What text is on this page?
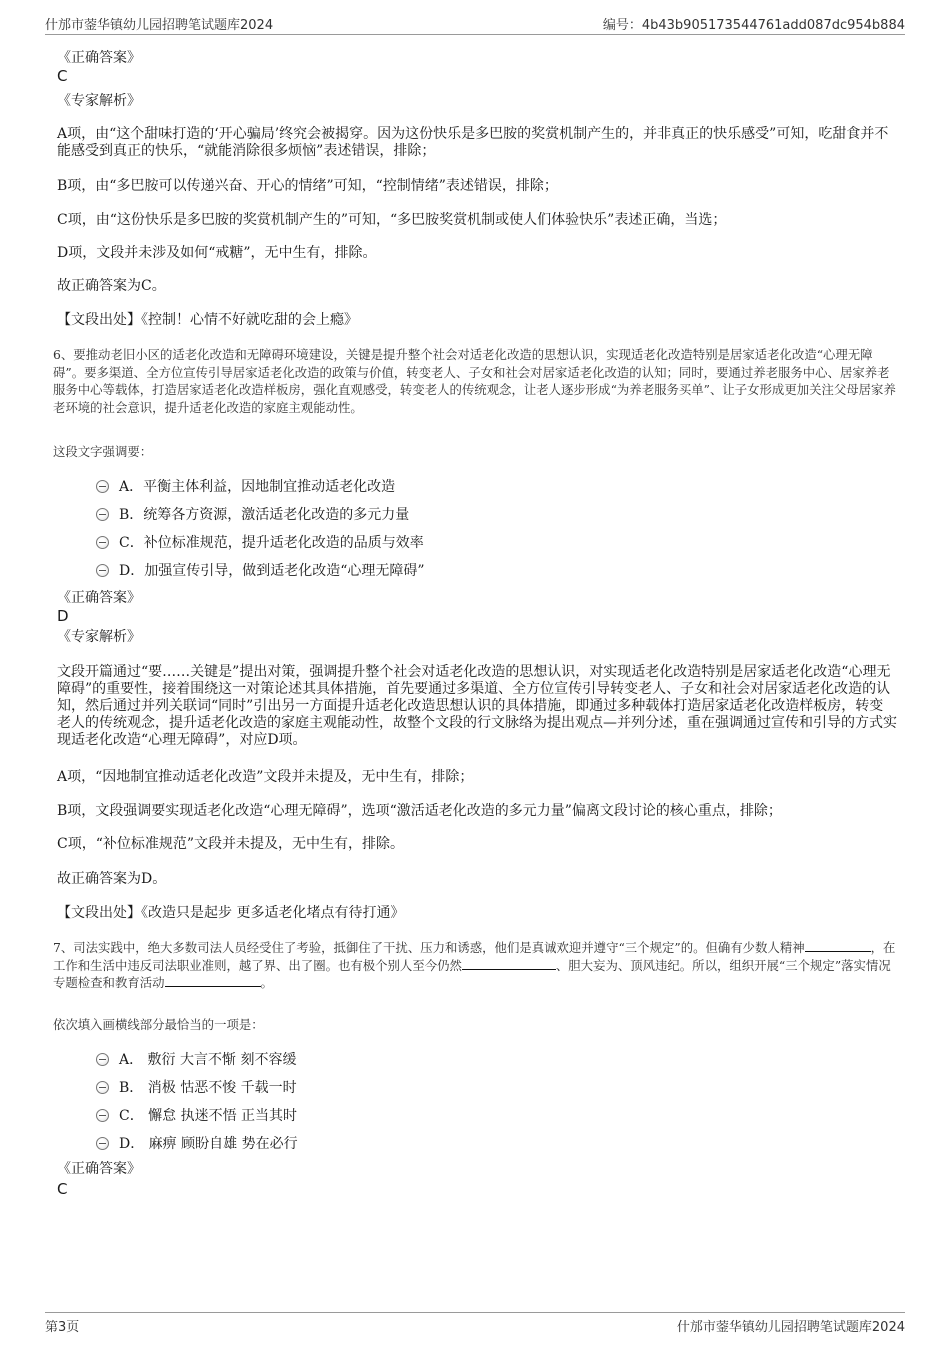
什邡市蓥华镇幼儿园招聘笔试题库2024	编号：4b43b905173544761add087dc954b884
《正确答案》
C
《专家解析》
A项，由“这个甜味打造的‘开心骗局’终究会被揭穿。因为这份快乐是多巴胺的奖赏机制产生的，并非真正的快乐感受”可知，吃甜食并不能感受到真正的快乐，“就能消除很多烦恼”表述错误，排除；
B项，由“多巴胺可以传递兴奋、开心的情绪”可知，“控制情绪”表述错误，排除；
C项，由“这份快乐是多巴胺的奖赏机制产生的”可知，“多巴胺奖赏机制或使人们体验快乐”表述正确，当选；
D项，文段并未涉及如何“戒糖”，无中生有，排除。
故正确答案为C。
【文段出处】《控制！心情不好就吃甜的会上瘾》
6、要推动老旧小区的适老化改造和无障碍环境建设，关键是提升整个社会对适老化改造的思想认识，实现适老化改造特别是居家适老化改造“心理无障碍”。要多渠道、全方位宣传引导居家适老化改造的政策与价值，转变老人、子女和社会对居家适老化改造的认知；同时，要通过养老服务中心、居家养老服务中心等载体，打造居家适老化改造样板房，强化直观感受，转变老人的传统观念，让老人逐步形成“为养老服务买单”、让子女形成更加关注父母居家养老环境的社会意识，提升适老化改造的家庭主观能动性。
这段文字强调要：
A．平衡主体利益，因地制宜推动适老化改造
B．统筹各方资源，激活适老化改造的多元力量
C．补位标准规范，提升适老化改造的品质与效率
D．加强宣传引导，做到适老化改造“心理无障碍”
《正确答案》
D
《专家解析》
文段开篇通过“要……关键是”提出对策，强调提升整个社会对适老化改造的思想认识，对实现适老化改造特别是居家适老化改造“心理无障碍”的重要性，接着围绕这一对策论述其具体措施，首先要通过多渠道、全方位宣传引导转变老人、子女和社会对居家适老化改造的认知，然后通过并列关联词“同时”引出另一方面提升适老化改造思想认识的具体措施，即通过多种载体打造居家适老化改造样板房，转变老人的传统观念，提升适老化改造的家庭主观能动性，故整个文段的行文脉络为提出观点—并列分述，重在强调通过宣传和引导的方式实现适老化改造“心理无障碍”，对应D项。
A项，“因地制宜推动适老化改造”文段并未提及，无中生有，排除；
B项，文段强调要实现适老化改造“心理无障碍”，选项“激活适老化改造的多元力量”偏离文段讨论的核心重点，排除；
C项，“补位标准规范”文段并未提及，无中生有，排除。
故正确答案为D。
【文段出处】《改造只是起步 更多适老化堵点有待打通》
7、司法实践中，绝大多数司法人员经受住了考验，抵御住了干扰、压力和诱惑，他们是真诚欢迎并遵守“三个规定”的。但确有少数人精神	，在工作和生活中违反司法职业准则，越了界、出了圈。也有极个别人至今仍然	、胆大妄为、顶风违纪。所以，组织开展“三个规定”落实情况专题检查和教育活动	。
依次填入画横线部分最恰当的一项是：
A． 敷衍 大言不惭 刻不容缓
B． 消极 怙恶不悛 千载一时
C． 懈怠 执迷不悟 正当其时
D． 麻痹 顾盼自雄 势在必行
《正确答案》
C
第3页	什邡市蓥华镇幼儿园招聘笔试题库2024
